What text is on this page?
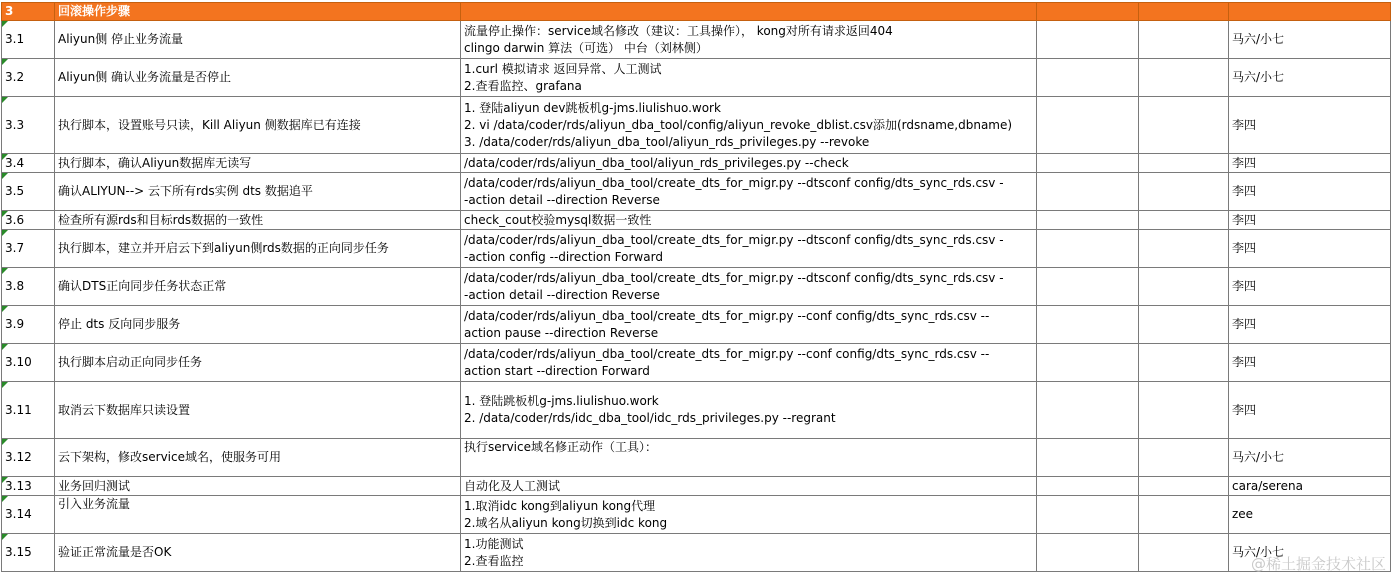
3	回滚操作步骤				

3.1	Aliyun侧 停止业务流量	流量停止操作：service域名修改（建议：工具操作）， kong对所有请求返回404
clingo darwin 算法（可选） 中台（刘林侧）			马六/小七

3.2	Aliyun侧 确认业务流量是否停止	1.curl 模拟请求 返回异常、人工测试
2.查看监控、grafana			马六/小七

3.3	执行脚本，设置账号只读，Kill Aliyun 侧数据库已有连接	1. 登陆aliyun dev跳板机g-jms.liulishuo.work
2. vi /data/coder/rds/aliyun_dba_tool/config/aliyun_revoke_dblist.csv添加(rdsname,dbname)
3. /data/coder/rds/aliyun_dba_tool/aliyun_rds_privileges.py --revoke			李四

3.4	执行脚本，确认Aliyun数据库无读写	/data/coder/rds/aliyun_dba_tool/aliyun_rds_privileges.py --check			李四

3.5	确认ALIYUN--> 云下所有rds实例 dts 数据追平	/data/coder/rds/aliyun_dba_tool/create_dts_for_migr.py --dtsconf config/dts_sync_rds.csv -
-action detail --direction Reverse			李四

3.6	检查所有源rds和目标rds数据的一致性	check_cout校验mysql数据一致性			李四

3.7	执行脚本，建立并开启云下到aliyun侧rds数据的正向同步任务	/data/coder/rds/aliyun_dba_tool/create_dts_for_migr.py --dtsconf config/dts_sync_rds.csv -
-action config --direction Forward			李四

3.8	确认DTS正向同步任务状态正常	/data/coder/rds/aliyun_dba_tool/create_dts_for_migr.py --dtsconf config/dts_sync_rds.csv -
-action detail --direction Reverse			李四

3.9	停止 dts 反向同步服务	/data/coder/rds/aliyun_dba_tool/create_dts_for_migr.py --conf config/dts_sync_rds.csv --
action pause --direction Reverse			李四

3.10	执行脚本启动正向同步任务	/data/coder/rds/aliyun_dba_tool/create_dts_for_migr.py --conf config/dts_sync_rds.csv --
action start --direction Forward			李四

3.11	取消云下数据库只读设置	1. 登陆跳板机g-jms.liulishuo.work
2. /data/coder/rds/idc_dba_tool/idc_rds_privileges.py --regrant			李四

3.12	云下架构，修改service域名，使服务可用	执行service域名修正动作（工具）：			马六/小七

3.13	业务回归测试	自动化及人工测试			cara/serena

3.14	引入业务流量	1.取消idc kong到aliyun kong代理
2.域名从aliyun kong切换到idc kong			zee

3.15	验证正常流量是否OK	1.功能测试
2.查看监控			马六/小七
@稀土掘金技术社区
